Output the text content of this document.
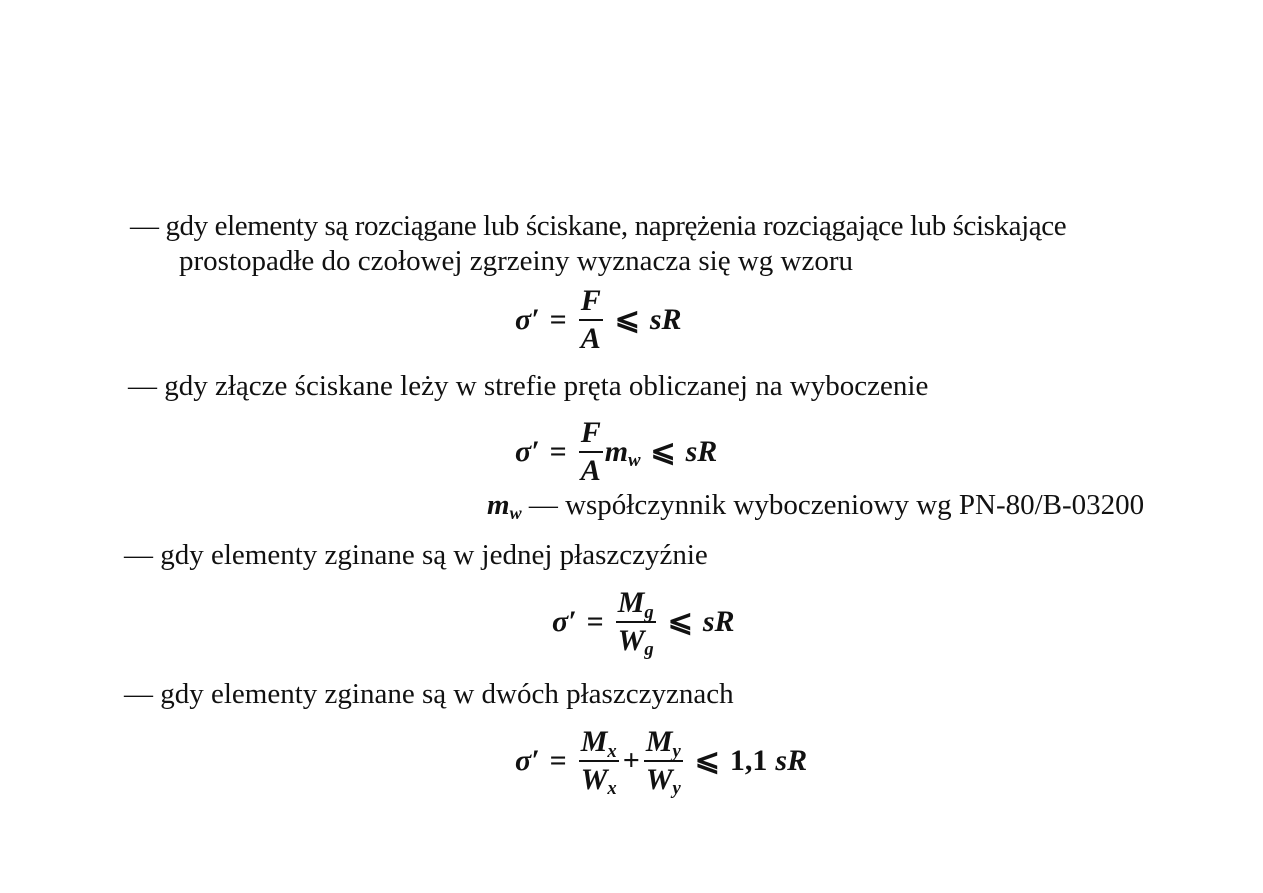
— gdy elementy są rozciągane lub ściskane, naprężenia rozciągające lub ściskające
prostopadłe do czołowej zgrzeiny wyznacza się wg wzoru
$\sigma' = \frac{F}{A}$ ⩽ sR
— gdy złącze ściskane leży w strefie pręta obliczanej na wyboczenie
$\sigma' = \frac{F}{A}$ mw ⩽ sR
mw — współczynnik wyboczeniowy wg PN-80/B-03200
— gdy elementy zginane są w jednej płaszczyźnie
$\sigma' = \frac{Mg}{Wg}$ ⩽ sR
— gdy elementy zginane są w dwóch płaszczyznach
$\sigma' = \frac{Mx}{Wx} + \frac{My}{Wy}$ ⩽ 1,1 sR
